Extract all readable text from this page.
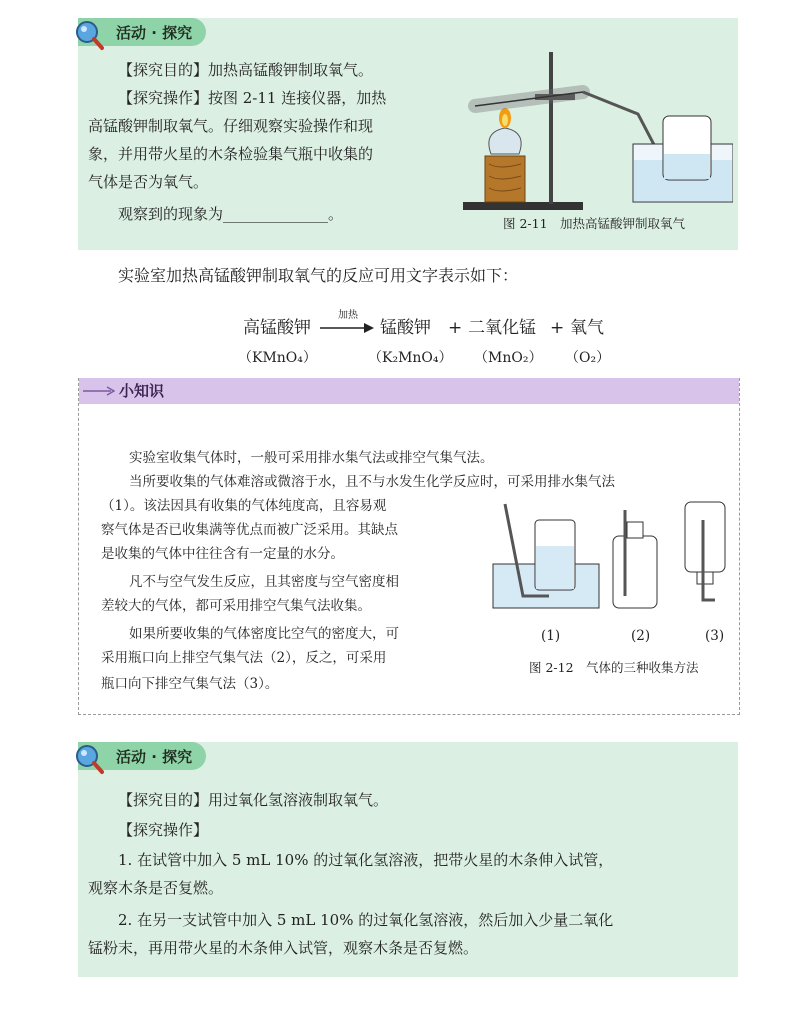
活动 · 探究
【探究目的】加热高锰酸钾制取氧气。
【探究操作】按图 2-11 连接仪器，加热
高锰酸钾制取氧气。仔细观察实验操作和现
象，并用带火星的木条检验集气瓶中收集的
气体是否为氧气。
观察到的现象为______________。
图 2-11　加热高锰酸钾制取氧气
实验室加热高锰酸钾制取氧气的反应可用文字表示如下：
高锰酸钾
加热
→ 锰酸钾 + 二氧化锰 + 氧气
（KMnO₄）	（K₂MnO₄） （MnO₂） （O₂）
小知识
实验室收集气体时，一般可采用排水集气法或排空气集气法。
当所要收集的气体难溶或微溶于水，且不与水发生化学反应时，可采用排水集气法
（1）。该法因具有收集的气体纯度高，且容易观
察气体是否已收集满等优点而被广泛采用。其缺点
是收集的气体中往往含有一定量的水分。
凡不与空气发生反应，且其密度与空气密度相
差较大的气体，都可采用排空气集气法收集。
如果所要收集的气体密度比空气的密度大，可
采用瓶口向上排空气集气法（2），反之，可采用
瓶口向下排空气集气法（3）。
(1)	(2)	(3)
图 2-12　气体的三种收集方法
活动 · 探究
【探究目的】用过氧化氢溶液制取氧气。
【探究操作】
1. 在试管中加入 5 mL 10% 的过氧化氢溶液，把带火星的木条伸入试管，
观察木条是否复燃。
2. 在另一支试管中加入 5 mL 10% 的过氧化氢溶液，然后加入少量二氧化
锰粉末，再用带火星的木条伸入试管，观察木条是否复燃。
